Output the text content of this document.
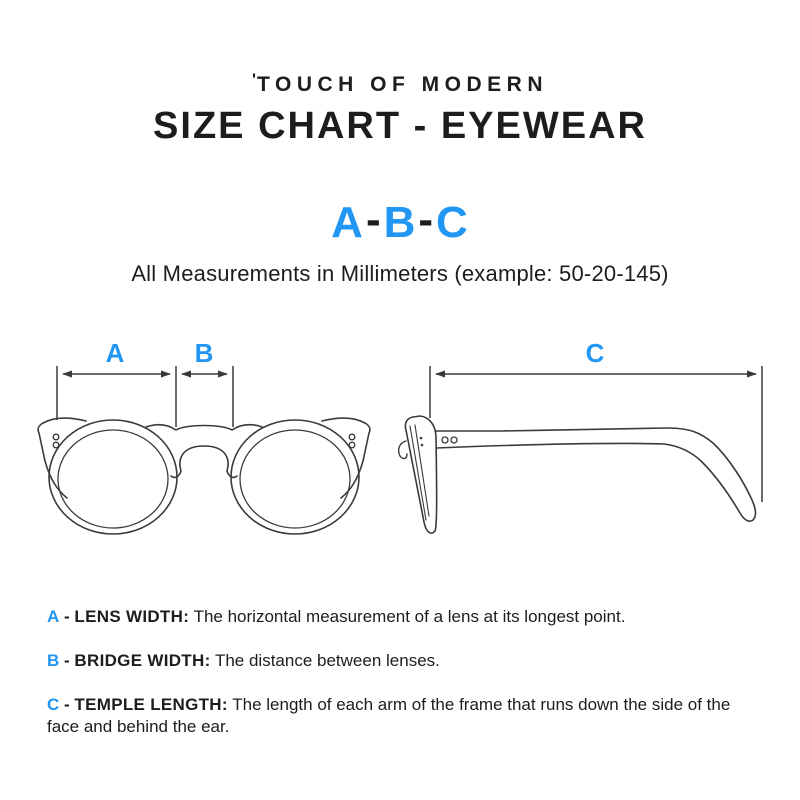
'TOUCH OF MODERN
SIZE CHART - EYEWEAR
A-B-C
All Measurements in Millimeters (example: 50-20-145)
A	B	C

A - LENS WIDTH: The horizontal measurement of a lens at its longest point.

B - BRIDGE WIDTH: The distance between lenses.

C - TEMPLE LENGTH: The length of each arm of the frame that runs down the side of the face and behind the ear.
